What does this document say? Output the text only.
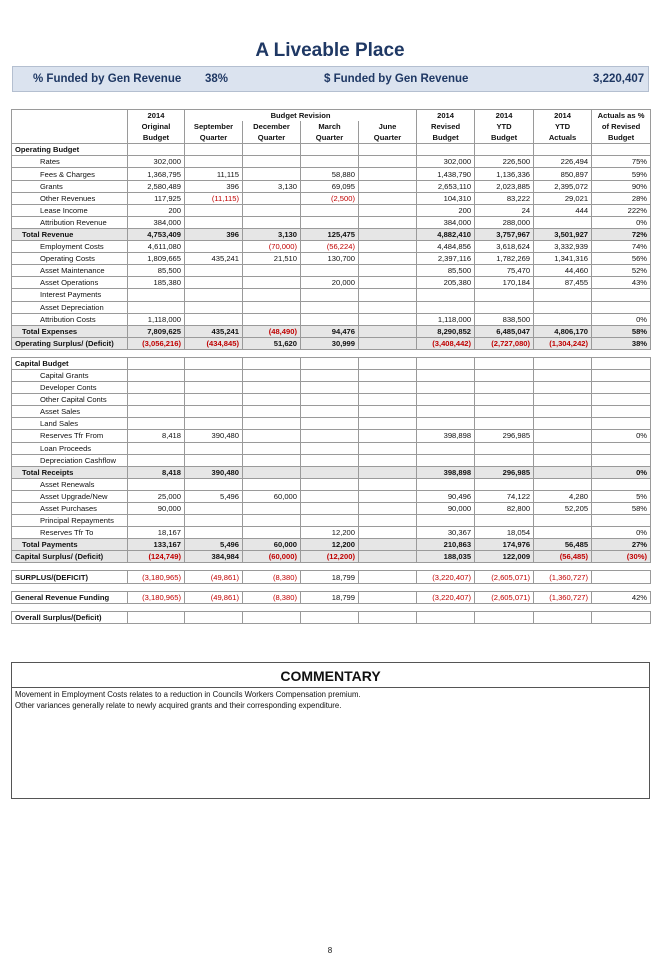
A Liveable Place
% Funded by Gen Revenue 38%	$ Funded by Gen Revenue	3,220,407
	2014	Budget Revision				2014	2014	2014	Actuals as %
	Original	September	December	March	June	Revised	YTD	YTD	of Revised
	Budget	Quarter	Quarter	Quarter	Quarter	Budget	Budget	Actuals	Budget
Operating Budget									
Rates	302,000					302,000	226,500	226,494	75%
Fees & Charges	1,368,795	11,115		58,880		1,438,790	1,136,336	850,897	59%
Grants	2,580,489	396	3,130	69,095		2,653,110	2,023,885	2,395,072	90%
Other Revenues	117,925	(11,115)		(2,500)		104,310	83,222	29,021	28%
Lease Income	200					200	24	444	222%
Attribution Revenue	384,000					384,000	288,000		0%
Total Revenue	4,753,409	396	3,130	125,475		4,882,410	3,757,967	3,501,927	72%
Employment Costs	4,611,080		(70,000)	(56,224)		4,484,856	3,618,624	3,332,939	74%
Operating Costs	1,809,665	435,241	21,510	130,700		2,397,116	1,782,269	1,341,316	56%
Asset Maintenance	85,500					85,500	75,470	44,460	52%
Asset Operations	185,380			20,000		205,380	170,184	87,455	43%
Interest Payments									
Asset Depreciation									
Attribution Costs	1,118,000					1,118,000	838,500		0%
Total Expenses	7,809,625	435,241	(48,490)	94,476		8,290,852	6,485,047	4,806,170	58%
Operating Surplus/ (Deficit)	(3,056,216)	(434,845)	51,620	30,999		(3,408,442)	(2,727,080)	(1,304,242)	38%

Capital Budget									
Capital Grants									
Developer Conts									
Other Capital Conts									
Asset Sales									
Land Sales									
Reserves Tfr From	8,418	390,480				398,898	296,985		0%
Loan Proceeds									
Depreciation Cashflow									
Total Receipts	8,418	390,480				398,898	296,985		0%
Asset Renewals									
Asset Upgrade/New	25,000	5,496	60,000			90,496	74,122	4,280	5%
Asset Purchases	90,000					90,000	82,800	52,205	58%
Principal Repayments									
Reserves Tfr To	18,167			12,200		30,367	18,054		0%
Total Payments	133,167	5,496	60,000	12,200		210,863	174,976	56,485	27%
Capital Surplus/ (Deficit)	(124,749)	384,984	(60,000)	(12,200)		188,035	122,009	(56,485)	(30%)

SURPLUS/(DEFICIT)	(3,180,965)	(49,861)	(8,380)	18,799		(3,220,407)	(2,605,071)	(1,360,727)	

General Revenue Funding	(3,180,965)	(49,861)	(8,380)	18,799		(3,220,407)	(2,605,071)	(1,360,727)	42%

Overall Surplus/(Deficit)									
COMMENTARY

Movement in Employment Costs relates to a reduction in Councils Workers Compensation premium.

Other variances generally relate to newly acquired grants and their corresponding expenditure.

8
